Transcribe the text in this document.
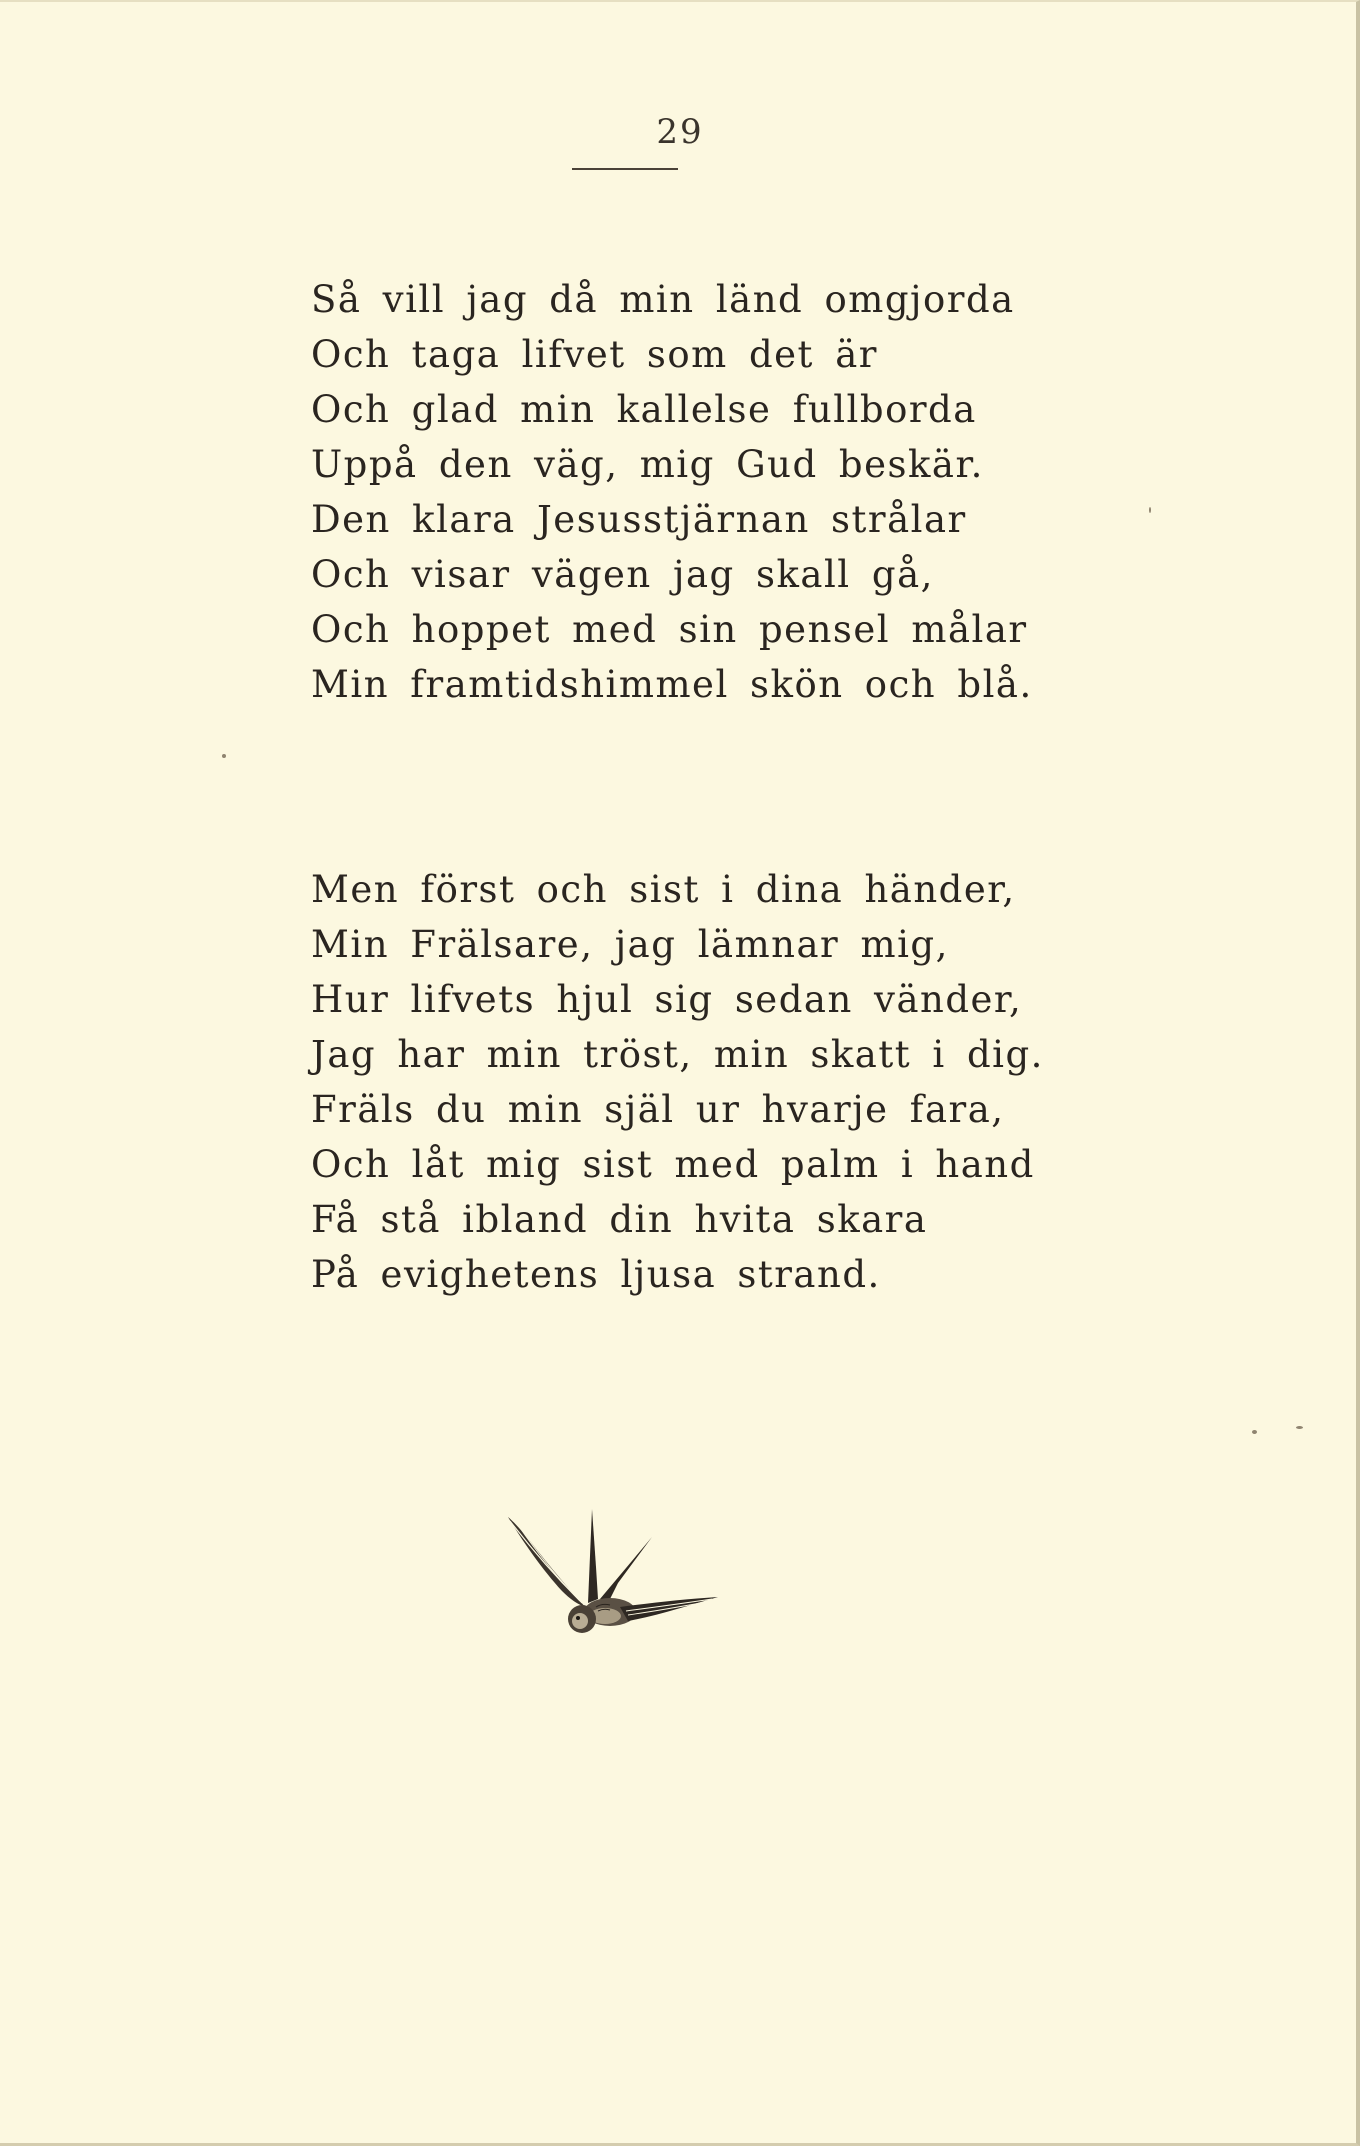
29
Så vill jag då min länd omgjorda
Och taga lifvet som det är
Och glad min kallelse fullborda
Uppå den väg, mig Gud beskär.
Den klara Jesusstjärnan strålar
Och visar vägen jag skall gå,
Och hoppet med sin pensel målar
Min framtidshimmel skön och blå.
Men först och sist i dina händer,
Min Frälsare, jag lämnar mig,
Hur lifvets hjul sig sedan vänder,
Jag har min tröst, min skatt i dig.
Fräls du min själ ur hvarje fara,
Och låt mig sist med palm i hand
Få stå ibland din hvita skara
På evighetens ljusa strand.
